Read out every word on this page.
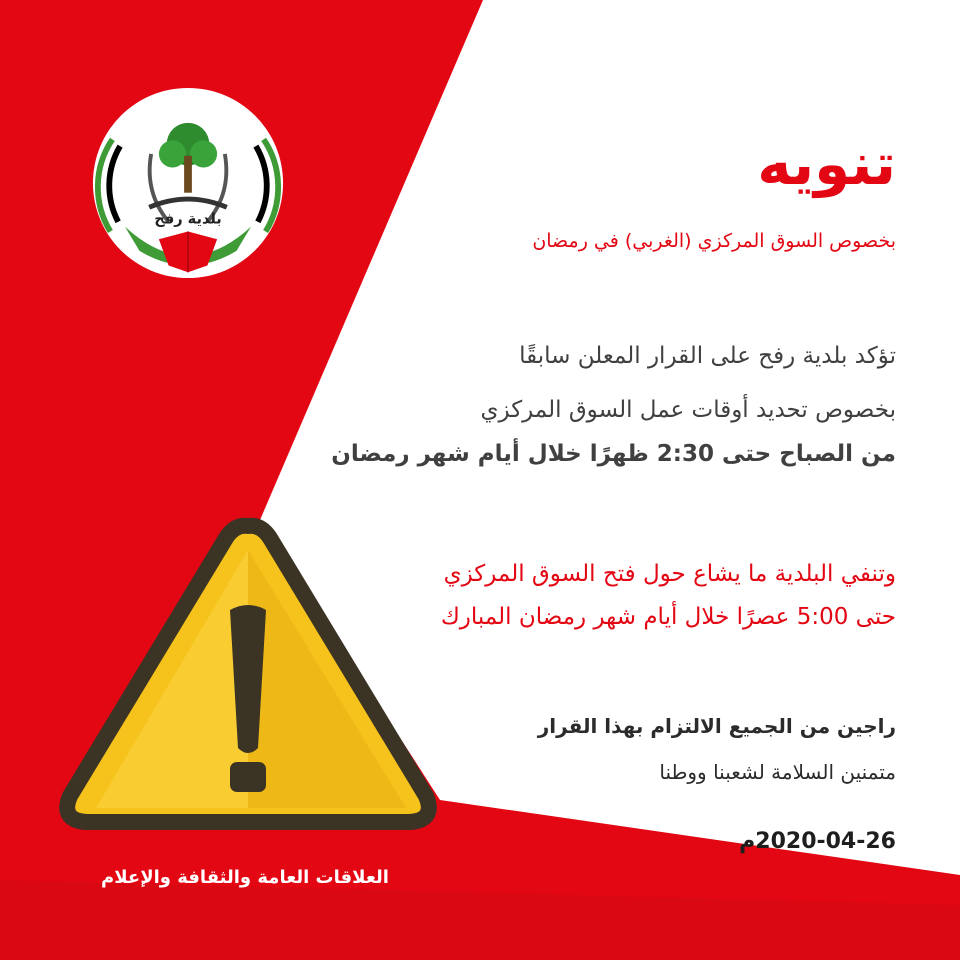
بلدية رفح
تنويه
بخصوص السوق المركزي (الغربي) في رمضان
تؤكد بلدية رفح على القرار المعلن سابقًا
بخصوص تحديد أوقات عمل السوق المركزي
من الصباح حتى 2:30 ظهرًا خلال أيام شهر رمضان
وتنفي البلدية ما يشاع حول فتح السوق المركزي
حتى 5:00 عصرًا خلال أيام شهر رمضان المبارك
راجين من الجميع الالتزام بهذا القرار
متمنين السلامة لشعبنا ووطنا
2020-04-26م
العلاقات العامة والثقافة والإعلام
